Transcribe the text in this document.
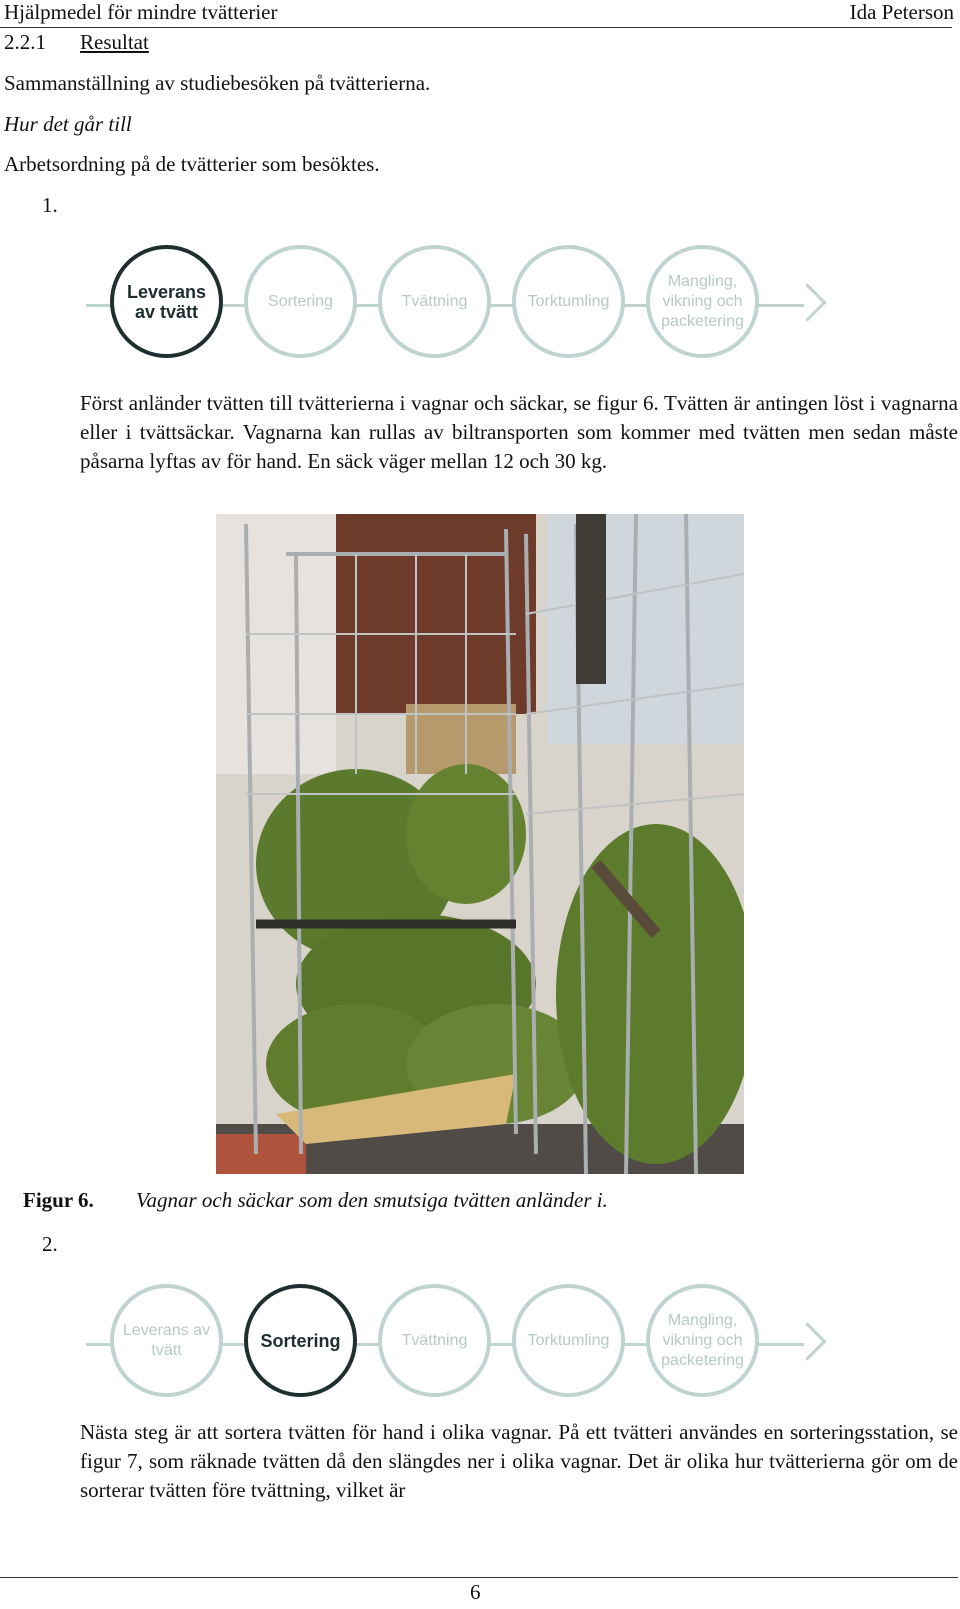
Hjälpmedel för mindre tvätterier	Ida Peterson
2.2.1 Resultat
Sammanställning av studiebesöken på tvätterierna.
Hur det går till
Arbetsordning på de tvätterier som besöktes.
1.
Leverans av tvätt
Sortering	Tvättning	Torktumling
Mangling, vikning och packetering
Först anländer tvätten till tvätterierna i vagnar och säckar, se figur 6. Tvätten är antingen löst i vagnarna eller i tvättsäckar. Vagnarna kan rullas av biltransporten som kommer med tvätten men sedan måste påsarna lyftas av för hand. En säck väger mellan 12 och 30 kg.
Figur 6. Vagnar och säckar som den smutsiga tvätten anländer i.
2.
Leverans av tvätt	Sortering	Tvättning	Torktumling
Mangling, vikning och packetering
Nästa steg är att sortera tvätten för hand i olika vagnar. På ett tvätteri användes en sorteringsstation, se figur 7, som räknade tvätten då den slängdes ner i olika vagnar. Det är olika hur tvätterierna gör om de sorterar tvätten före tvättning, vilket är
6
